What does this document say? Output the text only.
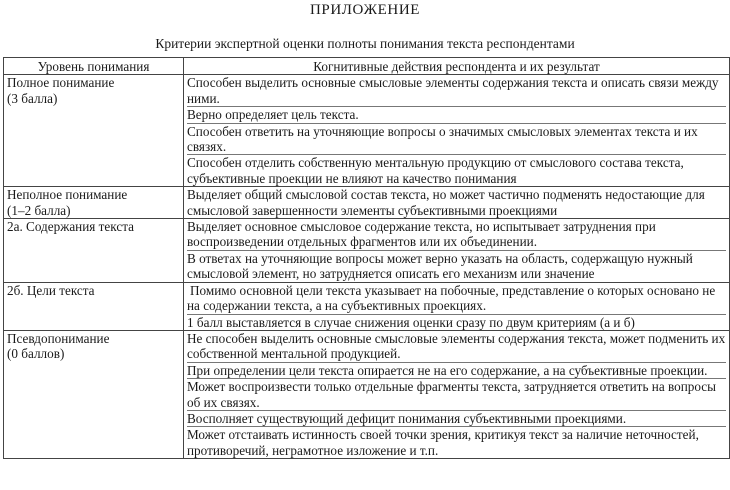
ПРИЛОЖЕНИЕ
Критерии экспертной оценки полноты понимания текста респондентами
Уровень понимания	Когнитивные действия респондента и их результат

Полное понимание
(3 балла)	Способен выделить основные смысловые элементы содержания текста и описать связи между ними.
Верно определяет цель текста.
Способен ответить на уточняющие вопросы о значимых смысловых элементах текста и их связях.
Способен отделить собственную ментальную продукцию от смыслового состава текста, субъективные проекции не влияют на качество понимания

Неполное понимание
(1–2 балла)	Выделяет общий смысловой состав текста, но может частично подменять недостающие для смысловой завершенности элементы субъективными проекциями

2а. Содержания текста	Выделяет основное смысловое содержание текста, но испытывает затруднения при воспроизведении отдельных фрагментов или их объединении.
В ответах на уточняющие вопросы может верно указать на область, содержащую нужный смысловой элемент, но затрудняется описать его механизм или значение

2б. Цели текста	Помимо основной цели текста указывает на побочные, представление о которых основано не на содержании текста, а на субъективных проекциях.
1 балл выставляется в случае снижения оценки сразу по двум критериям (а и б)

Псевдопонимание
(0 баллов)	Не способен выделить основные смысловые элементы содержания текста, может подменить их собственной ментальной продукцией.
При определении цели текста опирается не на его содержание, а на субъективные проекции.
Может воспроизвести только отдельные фрагменты текста, затрудняется ответить на вопросы об их связях.
Восполняет существующий дефицит понимания субъективными проекциями.
Может отстаивать истинность своей точки зрения, критикуя текст за наличие неточностей, противоречий, неграмотное изложение и т.п.
